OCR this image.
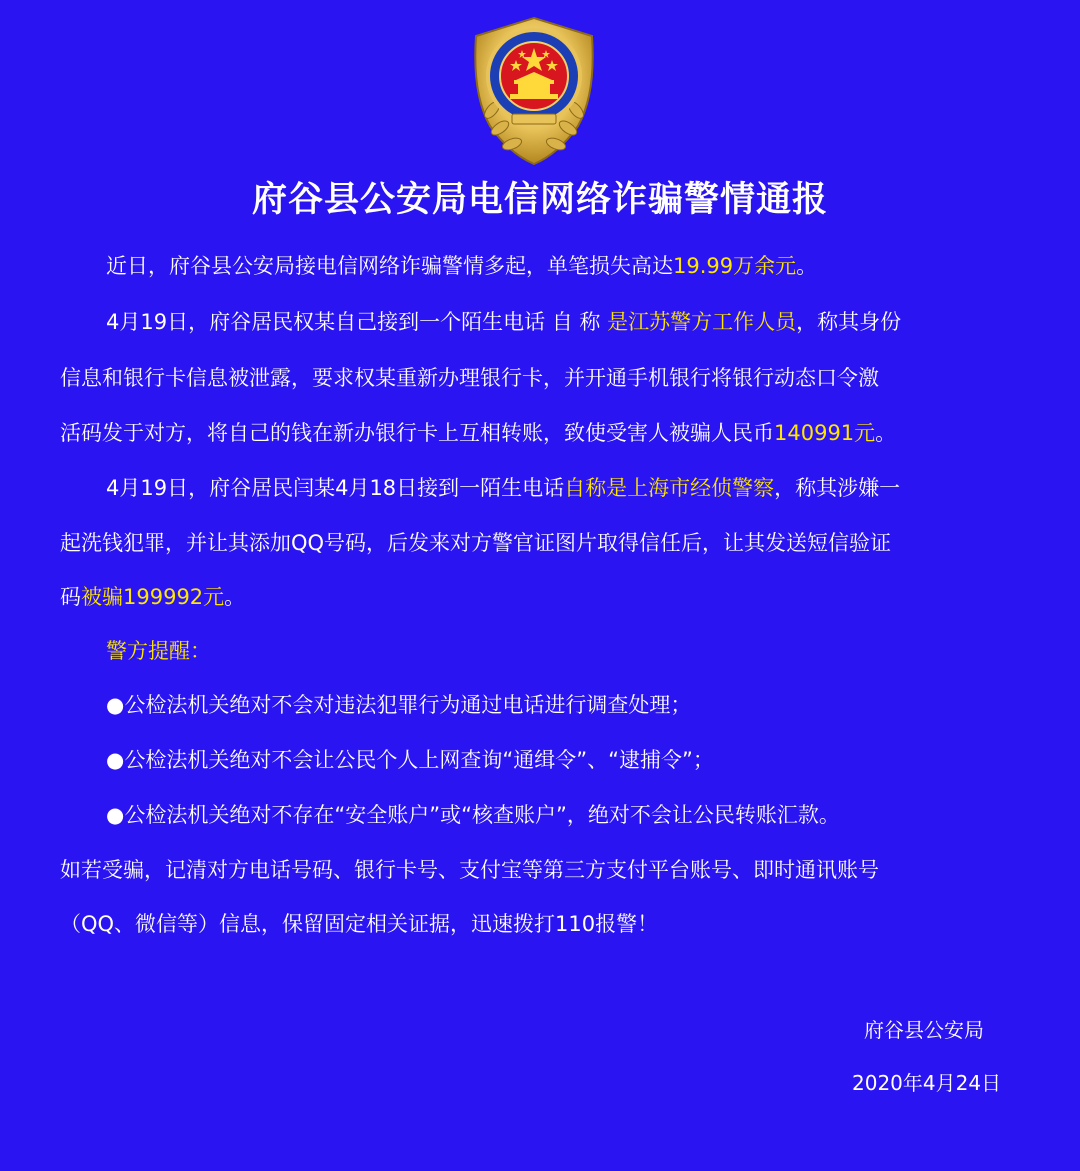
府谷县公安局电信网络诈骗警情通报
近日，府谷县公安局接电信网络诈骗警情多起，单笔损失高达19.99万余元。
4月19日，府谷居民权某自己接到一个陌生电话 自 称 是江苏警方工作人员，称其身份
信息和银行卡信息被泄露，要求权某重新办理银行卡，并开通手机银行将银行动态口令激
活码发于对方，将自己的钱在新办银行卡上互相转账，致使受害人被骗人民币140991元。
4月19日，府谷居民闫某4月18日接到一陌生电话自称是上海市经侦警察，称其涉嫌一
起洗钱犯罪，并让其添加QQ号码，后发来对方警官证图片取得信任后，让其发送短信验证
码被骗199992元。
警方提醒：
●公检法机关绝对不会对违法犯罪行为通过电话进行调查处理；
●公检法机关绝对不会让公民个人上网查询“通缉令”、“逮捕令”；
●公检法机关绝对不存在“安全账户”或“核查账户”，绝对不会让公民转账汇款。
如若受骗，记清对方电话号码、银行卡号、支付宝等第三方支付平台账号、即时通讯账号
（QQ、微信等）信息，保留固定相关证据，迅速拨打110报警！
府谷县公安局
2020年4月24日
